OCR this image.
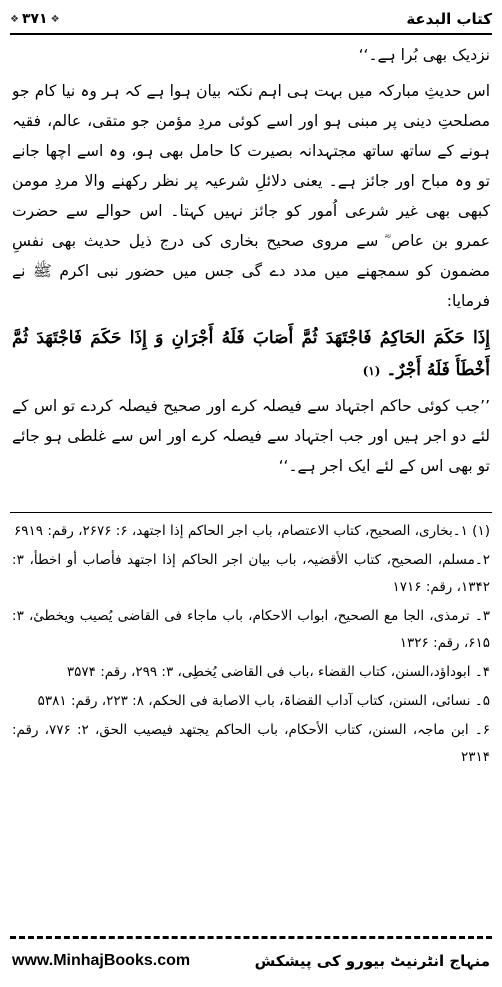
❖ ۳۷۱ ❖	کتاب البدعة

نزدیک بھی بُرا ہے۔‘‘

اس حدیثِ مبارکہ میں بہت ہی اہم نکتہ بیان ہوا ہے کہ ہر وہ نیا کام جو مصلحتِ دینی پر مبنی ہو اور اسے کوئی مردِ مؤمن جو متقی، عالم، فقیہ ہونے کے ساتھ ساتھ مجتہدانہ بصیرت کا حامل بھی ہو، وہ اسے اچھا جانے تو وہ مباح اور جائز ہے۔ یعنی دلائلِ شرعیہ پر نظر رکھنے والا مردِ مومن کبھی بھی غیر شرعی اُمور کو جائز نہیں کہتا۔ اس حوالے سے حضرت عمرو بن عاص ؓ سے مروی صحیح بخاری کی درج ذیل حدیث بھی نفسِ مضمون کو سمجھنے میں مدد دے گی جس میں حضور نبی اکرم ﷺ نے فرمایا:

إِذَا حَكَمَ الحَاكِمُ فَاجْتَهَدَ ثُمَّ أَصَابَ فَلَهُ أَجْرَانِ وَ إِذَا حَكَمَ فَاجْتَهَدَ ثُمَّ أَخْطَأَ فَلَهُ أَجْرٌ۔ (۱)

’’جب کوئی حاکم اجتہاد سے فیصلہ کرے اور صحیح فیصلہ کردے تو اس کے لئے دو اجر ہیں اور جب اجتہاد سے فیصلہ کرے اور اس سے غلطی ہو جائے تو بھی اس کے لئے ایک اجر ہے۔‘‘

(۱) ۱۔بخاری، الصحیح، کتاب الاعتصام، باب اجر الحاکم إذا اجتھد، ۶: ۲۶۷۶، رقم: ۶۹۱۹

۲۔مسلم، الصحیح، کتاب الأقضیہ، باب بیان اجر الحاکم إذا اجتھد فأصاب أو اخطأ، ۳: ۱۳۴۲، رقم: ۱۷۱۶

۳۔ ترمذی، الجا مع الصحیح، ابواب الاحکام، باب ماجاء فی القاضی یُصیب ویخطیٔ، ۳: ۶۱۵، رقم: ۱۳۲۶

۴۔ ابوداؤد،السنن، کتاب القضاء ،باب فی القاضی یُخطِی، ۳: ۲۹۹، رقم: ۳۵۷۴

۵۔ نسائی، السنن، کتاب آداب القضاۃ، باب الاصابة فی الحکم، ۸: ۲۲۳، رقم: ۵۳۸۱

۶۔ ابن ماجہ، السنن، کتاب الأحکام، باب الحاکم یجتھد فیصیب الحق، ۲: ۷۷۶، رقم: ۲۳۱۴

www.MinhajBooks.com	منہاج انٹرنیٹ بیورو کی پیشکش
